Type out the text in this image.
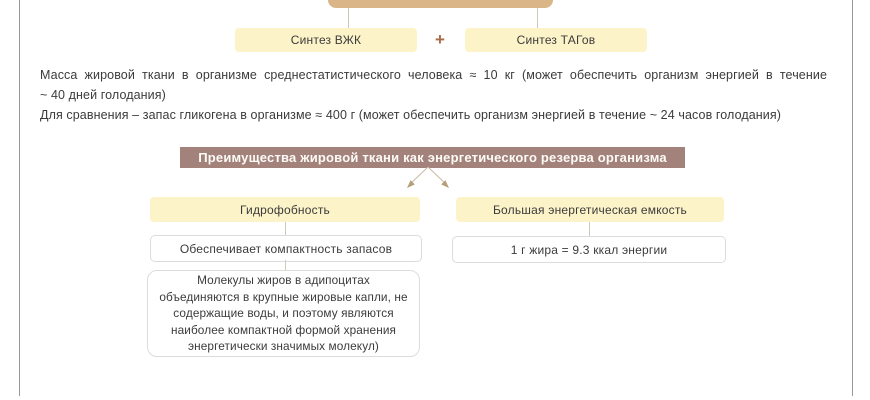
Синтез ВЖК	+	Синтез ТАГов
Масса жировой ткани в организме среднестатистического человека ≈ 10 кг (может обеспечить организм энергией в течение
~ 40 дней голодания)
Для сравнения – запас гликогена в организме ≈ 400 г (может обеспечить организм энергией в течение ~ 24 часов голодания)
Преимущества жировой ткани как энергетического резерва организма
Гидрофобность
Обеспечивает компактность запасов
Молекулы жиров в адипоцитах объединяются в крупные жировые капли, не содержащие воды, и поэтому являются наиболее компактной формой хранения энергетически значимых молекул)
Большая энергетическая емкость
1 г жира = 9.3 ккал энергии
